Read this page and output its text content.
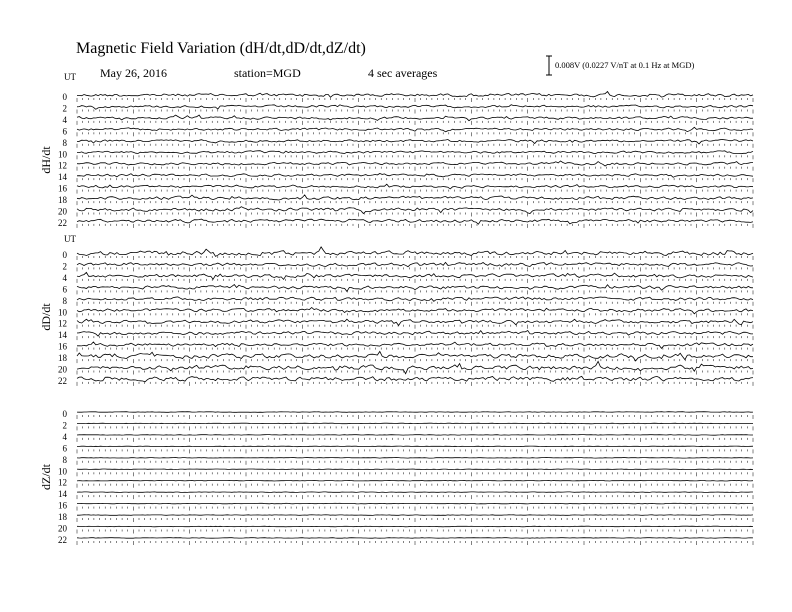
Magnetic Field Variation (dH/dt,dD/dt,dZ/dt)
May 26, 2016	station=MGD	4 sec averages
0.008V (0.0227 V/nT at 0.1 Hz at MGD)
dH/dt
UT
0
2
4
6
8
10
12
14
16
18
20
22
dD/dt
UT
0
2
4
6
8
10
12
14
16
18
20
22
dZ/dt
0
2
4
6
8
10
12
14
16
18
20
22
